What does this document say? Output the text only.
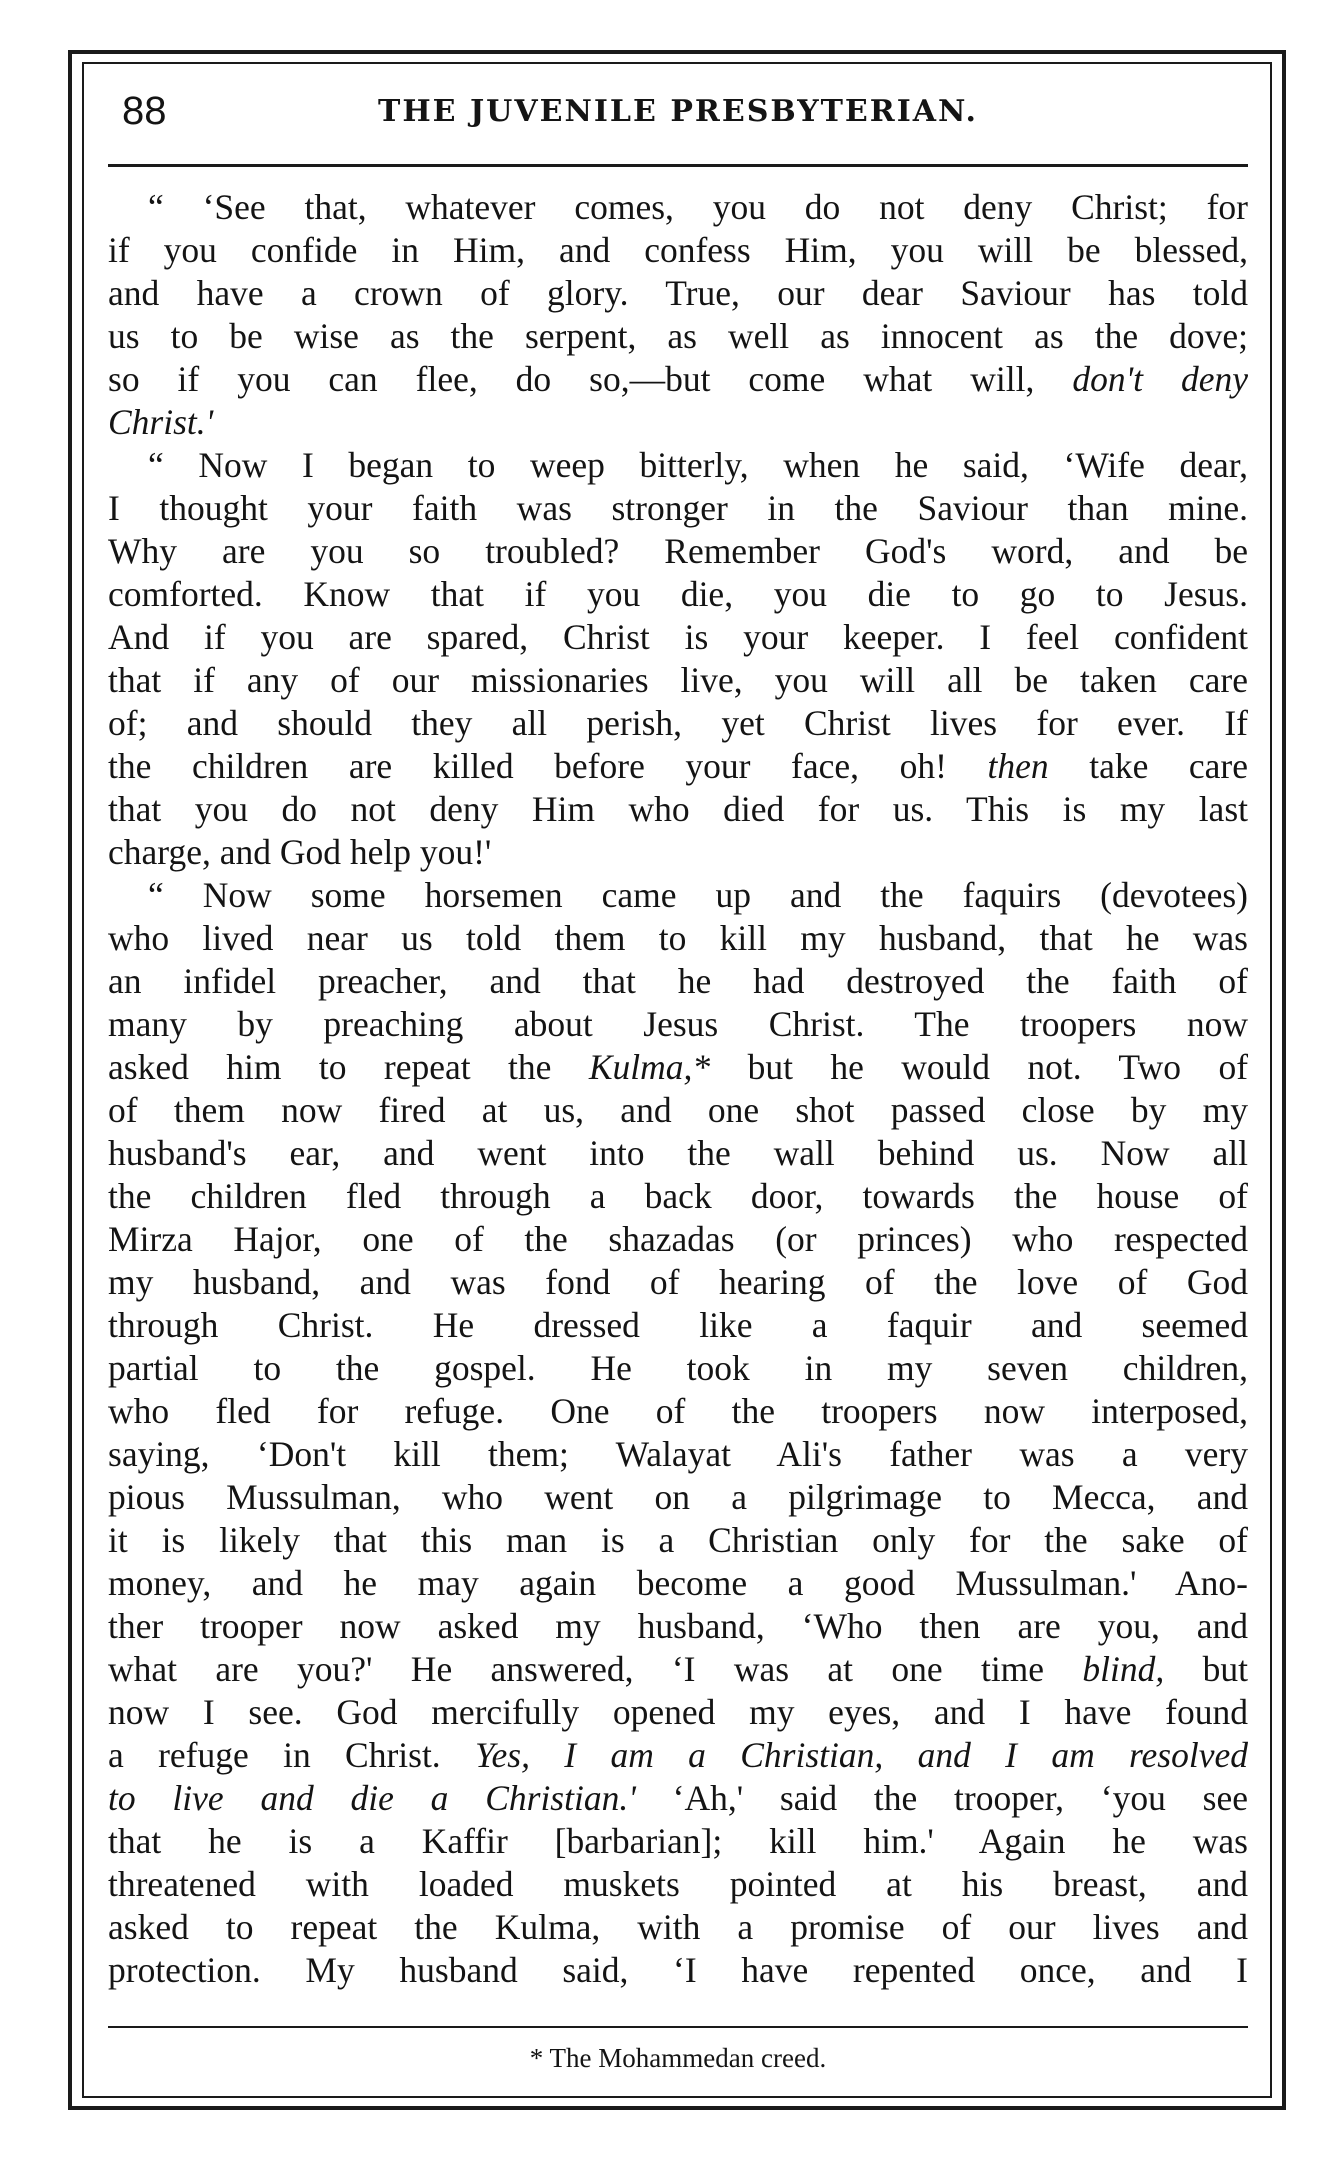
88	THE JUVENILE PRESBYTERIAN.
“ ‘See that, whatever comes, you do not deny Christ; for
if you confide in Him, and confess Him, you will be blessed,
and have a crown of glory. True, our dear Saviour has told
us to be wise as the serpent, as well as innocent as the dove;
so if you can flee, do so,—but come what will, don't deny
Christ.'
“ Now I began to weep bitterly, when he said, ‘Wife dear,
I thought your faith was stronger in the Saviour than mine.
Why are you so troubled? Remember God's word, and be
comforted. Know that if you die, you die to go to Jesus.
And if you are spared, Christ is your keeper. I feel confident
that if any of our missionaries live, you will all be taken care
of; and should they all perish, yet Christ lives for ever. If
the children are killed before your face, oh! then take care
that you do not deny Him who died for us. This is my last
charge, and God help you!'
“ Now some horsemen came up and the faquirs (devotees)
who lived near us told them to kill my husband, that he was
an infidel preacher, and that he had destroyed the faith of
many by preaching about Jesus Christ. The troopers now
asked him to repeat the Kulma,* but he would not. Two of
of them now fired at us, and one shot passed close by my
husband's ear, and went into the wall behind us. Now all
the children fled through a back door, towards the house of
Mirza Hajor, one of the shazadas (or princes) who respected
my husband, and was fond of hearing of the love of God
through Christ. He dressed like a faquir and seemed
partial to the gospel. He took in my seven children,
who fled for refuge. One of the troopers now interposed,
saying, ‘Don't kill them; Walayat Ali's father was a very
pious Mussulman, who went on a pilgrimage to Mecca, and
it is likely that this man is a Christian only for the sake of
money, and he may again become a good Mussulman.' Ano-
ther trooper now asked my husband, ‘Who then are you, and
what are you?' He answered, ‘I was at one time blind, but
now I see. God mercifully opened my eyes, and I have found
a refuge in Christ. Yes, I am a Christian, and I am resolved
to live and die a Christian.' ‘Ah,' said the trooper, ‘you see
that he is a Kaffir [barbarian]; kill him.' Again he was
threatened with loaded muskets pointed at his breast, and
asked to repeat the Kulma, with a promise of our lives and
protection. My husband said, ‘I have repented once, and I
* The Mohammedan creed.
